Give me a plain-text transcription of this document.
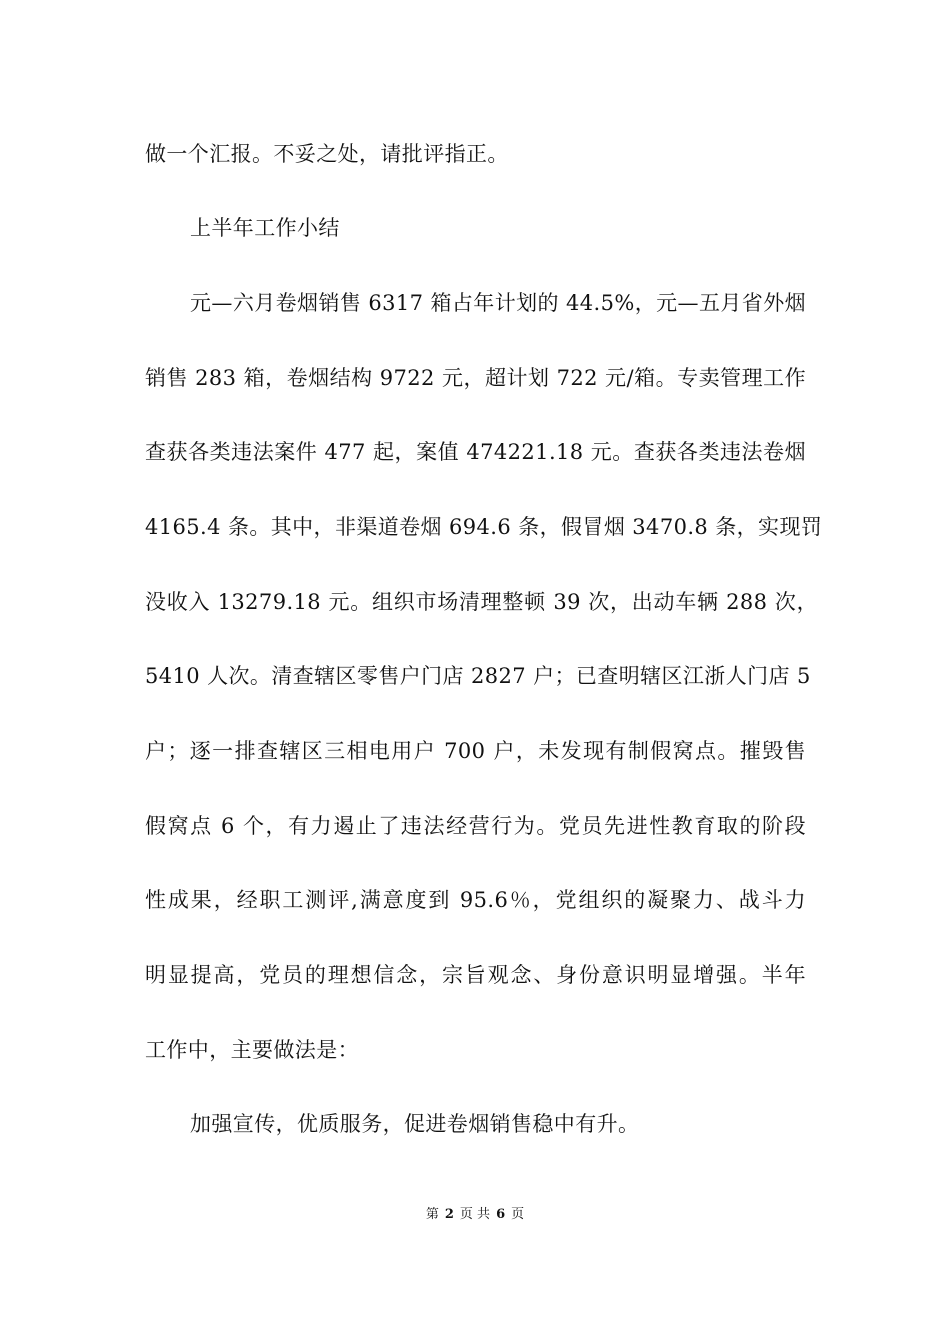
做一个汇报。不妥之处，请批评指正。
上半年工作小结
元—六月卷烟销售 6317 箱占年计划的 44.5%，元—五月省外烟
销售 283 箱，卷烟结构 9722 元，超计划 722 元/箱。专卖管理工作
查获各类违法案件 477 起，案值 474221.18 元。查获各类违法卷烟
4165.4 条。其中，非渠道卷烟 694.6 条，假冒烟 3470.8 条，实现罚
没收入 13279.18 元。组织市场清理整顿 39 次，出动车辆 288 次，
5410 人次。清查辖区零售户门店 2827 户；已查明辖区江浙人门店 5
户；逐一排查辖区三相电用户 700 户，未发现有制假窝点。摧毁售
假窝点 6 个，有力遏止了违法经营行为。党员先进性教育取的阶段
性成果，经职工测评,满意度到 95.6％，党组织的凝聚力、战斗力
明显提高，党员的理想信念，宗旨观念、身份意识明显增强。半年
工作中，主要做法是：
加强宣传，优质服务，促进卷烟销售稳中有升。
第 2 页 共 6 页
